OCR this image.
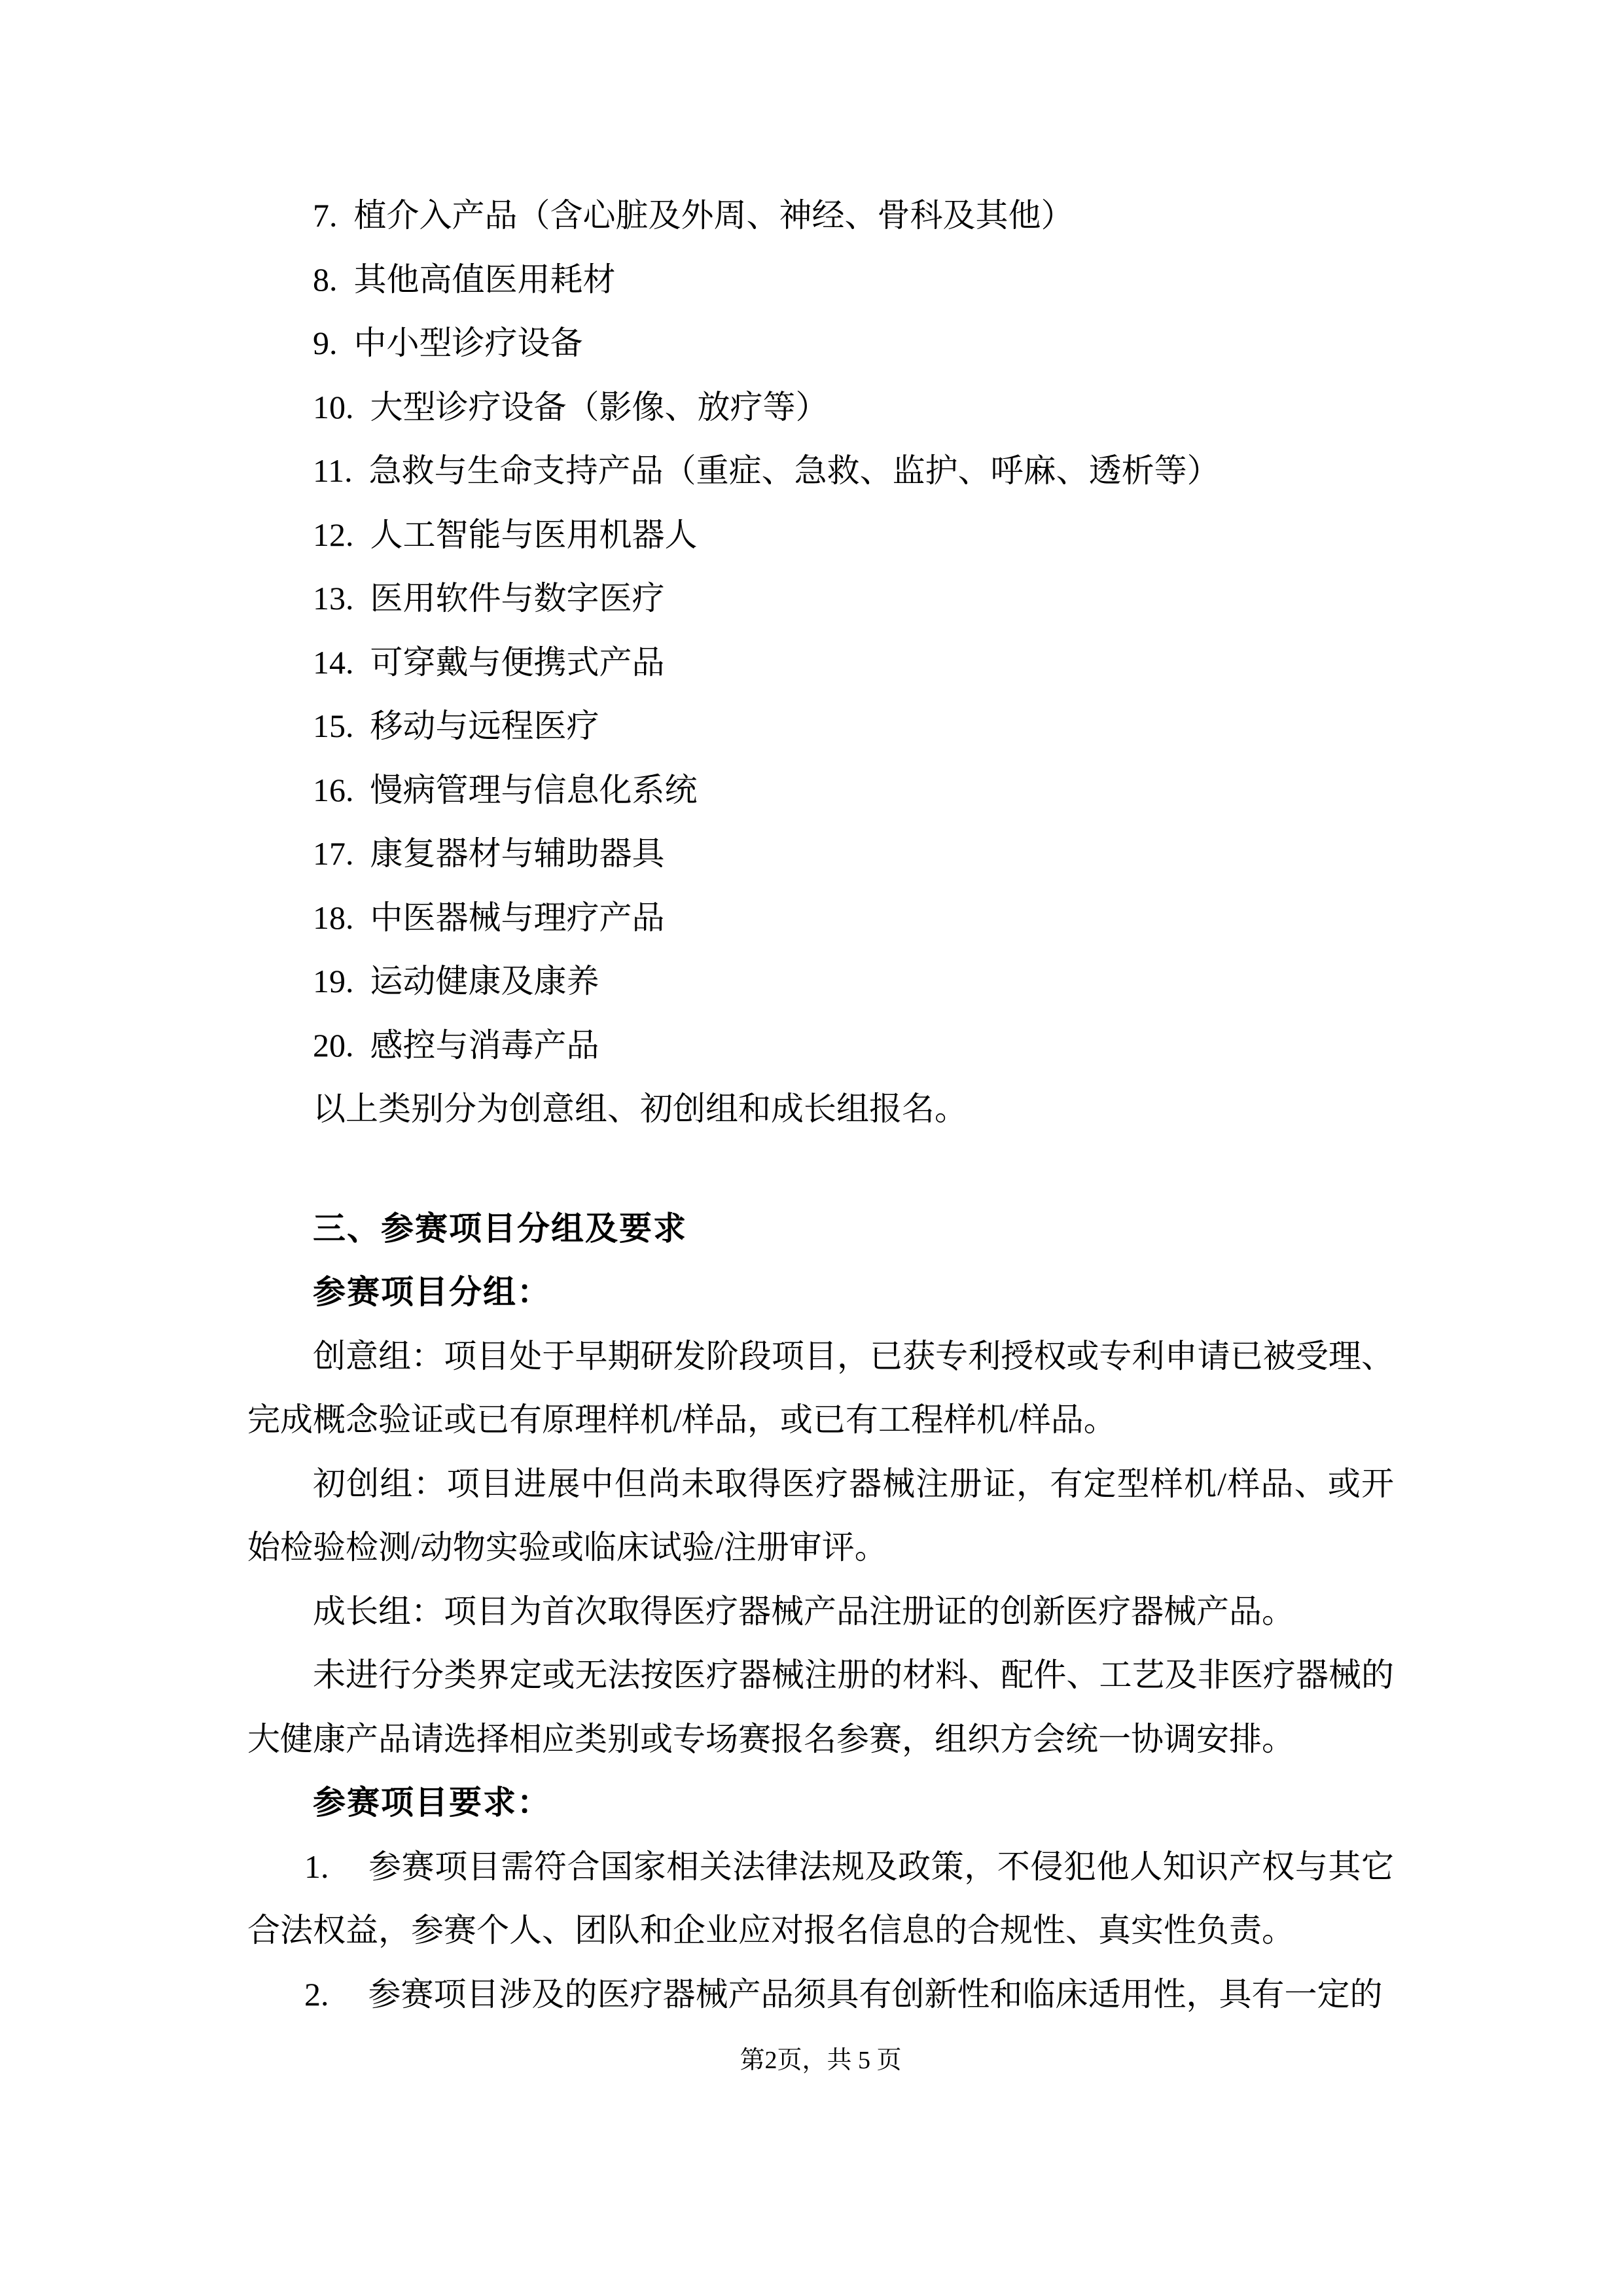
7. 植介入产品（含心脏及外周、神经、骨科及其他）

8. 其他高值医用耗材

9. 中小型诊疗设备

10. 大型诊疗设备（影像、放疗等）

11. 急救与生命支持产品（重症、急救、监护、呼麻、透析等）

12. 人工智能与医用机器人

13. 医用软件与数字医疗

14. 可穿戴与便携式产品

15. 移动与远程医疗

16. 慢病管理与信息化系统

17. 康复器材与辅助器具

18. 中医器械与理疗产品

19. 运动健康及康养

20. 感控与消毒产品

以上类别分为创意组、初创组和成长组报名。

三、参赛项目分组及要求

参赛项目分组：

创意组：项目处于早期研发阶段项目，已获专利授权或专利申请已被受理、完成概念验证或已有原理样机/样品，或已有工程样机/样品。

初创组：项目进展中但尚未取得医疗器械注册证，有定型样机/样品、或开始检验检测/动物实验或临床试验/注册审评。

成长组：项目为首次取得医疗器械产品注册证的创新医疗器械产品。

未进行分类界定或无法按医疗器械注册的材料、配件、工艺及非医疗器械的大健康产品请选择相应类别或专场赛报名参赛，组织方会统一协调安排。

参赛项目要求：

1. 参赛项目需符合国家相关法律法规及政策，不侵犯他人知识产权与其它合法权益，参赛个人、团队和企业应对报名信息的合规性、真实性负责。

2. 参赛项目涉及的医疗器械产品须具有创新性和临床适用性，具有一定的

第2页，共 5 页
